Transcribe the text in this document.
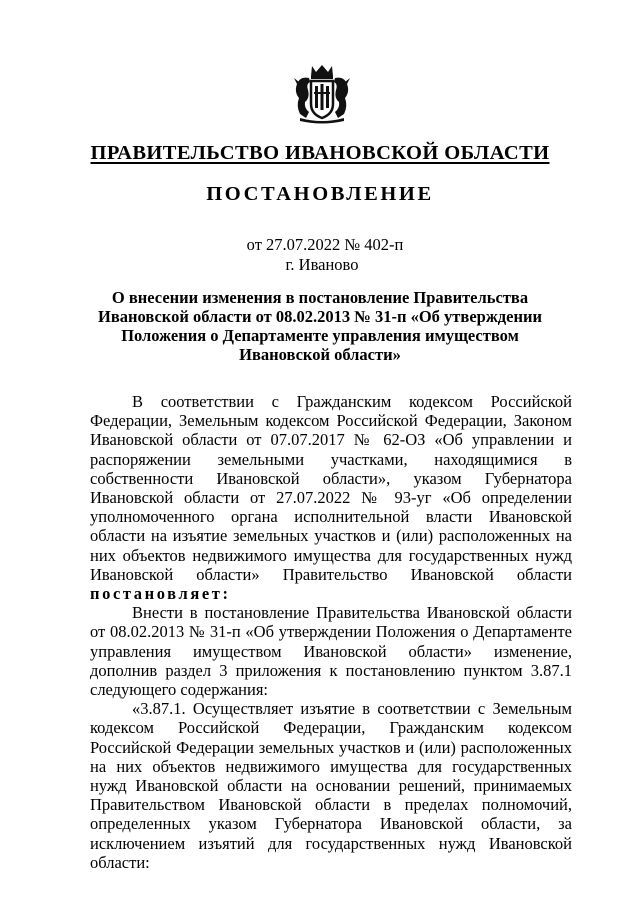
ПРАВИТЕЛЬСТВО ИВАНОВСКОЙ ОБЛАСТИ
ПОСТАНОВЛЕНИЕ
от 27.07.2022 № 402-п
г. Иваново
О внесении изменения в постановление Правительства
Ивановской области от 08.02.2013 № 31-п «Об утверждении
Положения о Департаменте управления имуществом
Ивановской области»

В соответствии с Гражданским кодексом Российской Федерации, Земельным кодексом Российской Федерации, Законом Ивановской области от 07.07.2017 № 62-ОЗ «Об управлении и распоряжении земельными участками, находящимися в собственности Ивановской области», указом Губернатора Ивановской области от 27.07.2022 № 93-уг «Об определении уполномоченного органа исполнительной власти Ивановской области на изъятие земельных участков и (или) расположенных на них объектов недвижимого имущества для государственных нужд Ивановской области» Правительство Ивановской области постановляет:

Внести в постановление Правительства Ивановской области от 08.02.2013 № 31-п «Об утверждении Положения о Департаменте управления имуществом Ивановской области» изменение, дополнив раздел 3 приложения к постановлению пунктом 3.87.1 следующего содержания:

«3.87.1. Осуществляет изъятие в соответствии с Земельным кодексом Российской Федерации, Гражданским кодексом Российской Федерации земельных участков и (или) расположенных на них объектов недвижимого имущества для государственных нужд Ивановской области на основании решений, принимаемых Правительством Ивановской области в пределах полномочий, определенных указом Губернатора Ивановской области, за исключением изъятий для государственных нужд Ивановской области:
